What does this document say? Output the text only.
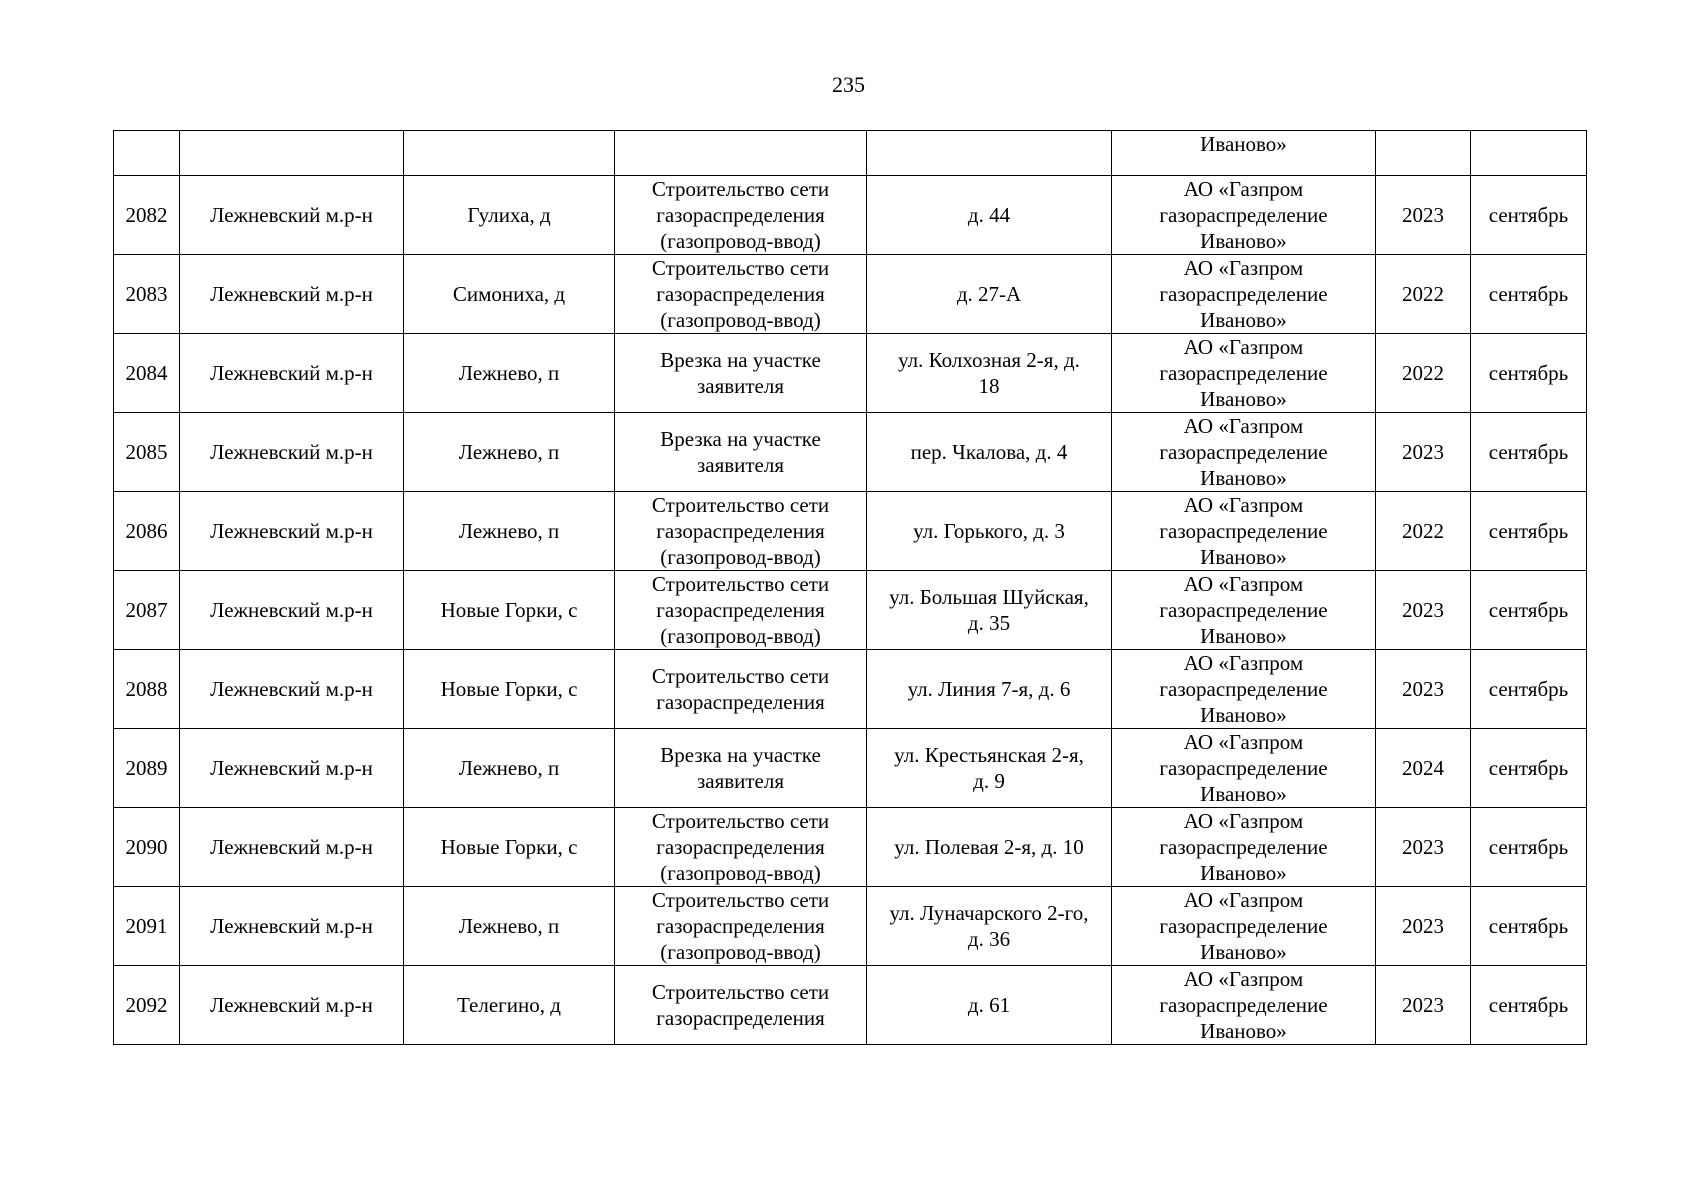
235
					Иваново»		
2082	Лежневский м.р-н	Гулиха, д	Строительство сети
газораспределения
(газопровод-ввод)	д. 44	АО «Газпром
газораспределение
Иваново»	2023	сентябрь
2083	Лежневский м.р-н	Симониха, д	Строительство сети
газораспределения
(газопровод-ввод)	д. 27-А	АО «Газпром
газораспределение
Иваново»	2022	сентябрь
2084	Лежневский м.р-н	Лежнево, п	Врезка на участке
заявителя	ул. Колхозная 2-я, д.
18	АО «Газпром
газораспределение
Иваново»	2022	сентябрь
2085	Лежневский м.р-н	Лежнево, п	Врезка на участке
заявителя	пер. Чкалова, д. 4	АО «Газпром
газораспределение
Иваново»	2023	сентябрь
2086	Лежневский м.р-н	Лежнево, п	Строительство сети
газораспределения
(газопровод-ввод)	ул. Горького, д. 3	АО «Газпром
газораспределение
Иваново»	2022	сентябрь
2087	Лежневский м.р-н	Новые Горки, с	Строительство сети
газораспределения
(газопровод-ввод)	ул. Большая Шуйская,
д. 35	АО «Газпром
газораспределение
Иваново»	2023	сентябрь
2088	Лежневский м.р-н	Новые Горки, с	Строительство сети
газораспределения	ул. Линия 7-я, д. 6	АО «Газпром
газораспределение
Иваново»	2023	сентябрь
2089	Лежневский м.р-н	Лежнево, п	Врезка на участке
заявителя	ул. Крестьянская 2-я,
д. 9	АО «Газпром
газораспределение
Иваново»	2024	сентябрь
2090	Лежневский м.р-н	Новые Горки, с	Строительство сети
газораспределения
(газопровод-ввод)	ул. Полевая 2-я, д. 10	АО «Газпром
газораспределение
Иваново»	2023	сентябрь
2091	Лежневский м.р-н	Лежнево, п	Строительство сети
газораспределения
(газопровод-ввод)	ул. Луначарского 2-го,
д. 36	АО «Газпром
газораспределение
Иваново»	2023	сентябрь
2092	Лежневский м.р-н	Телегино, д	Строительство сети
газораспределения	д. 61	АО «Газпром
газораспределение
Иваново»	2023	сентябрь
